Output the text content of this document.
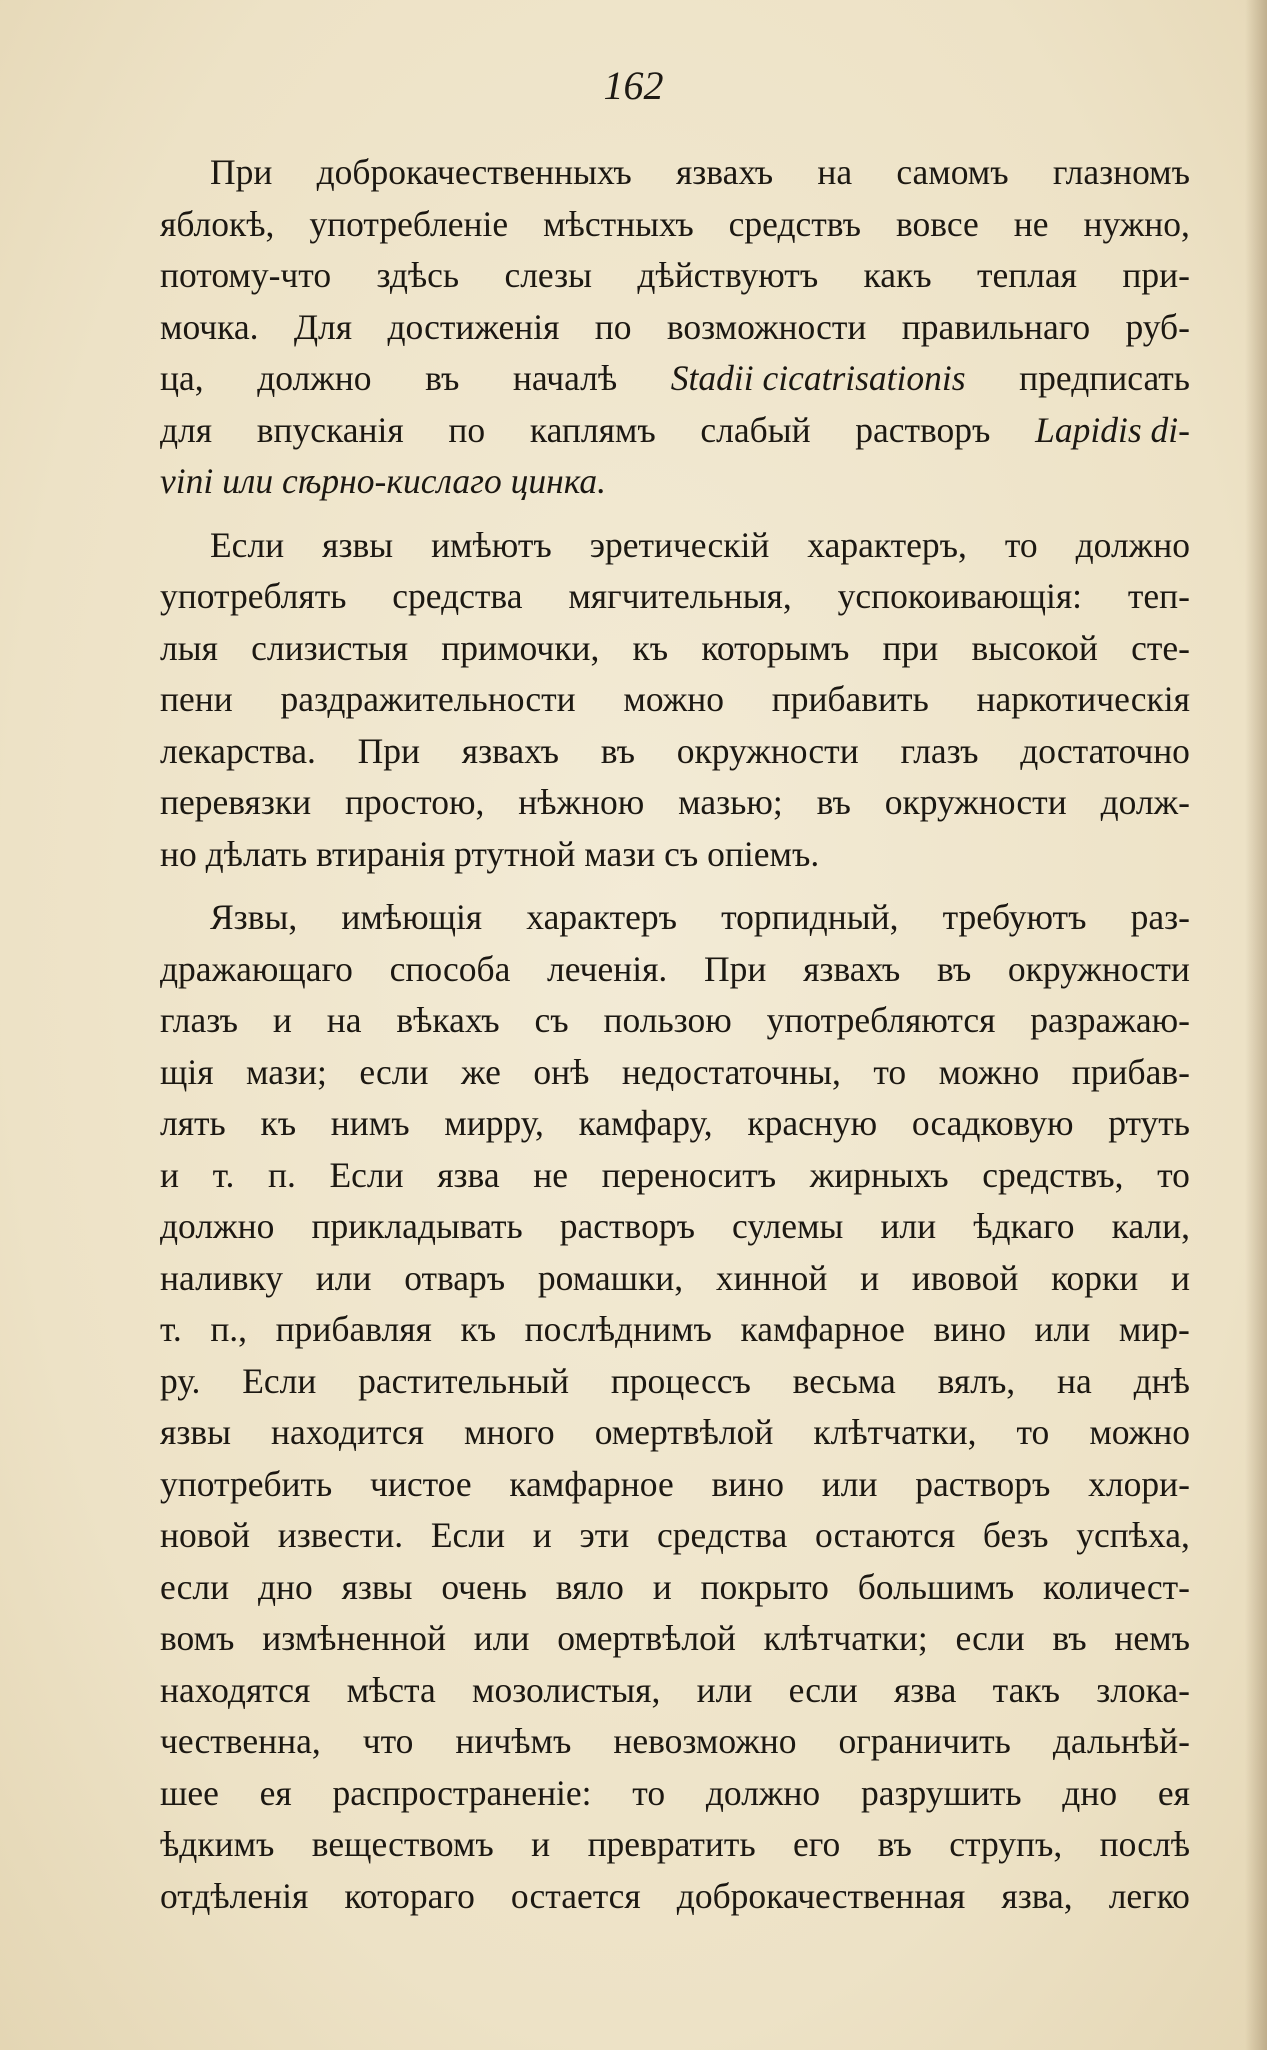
162
При доброкачественныхъ язвахъ на самомъ глазномъ
яблокѣ, употребленіе мѣстныхъ средствъ вовсе не нужно,
потому-что здѣсь слезы дѣйствуютъ какъ теплая при-
мочка. Для достиженія по возможности правильнаго руб-
ца, должно въ началѣ Stadii cicatrisationis предписать
для впусканія по каплямъ слабый растворъ Lapidis di-
vini
или
сѣрно-кислаго цинка.
Если язвы имѣютъ эретическій характеръ, то должно
употреблять средства мягчительныя, успокоивающія: теп-
лыя слизистыя примочки, къ которымъ при высокой сте-
пени раздражительности можно прибавить наркотическія
лекарства. При язвахъ въ окружности глазъ достаточно
перевязки простою, нѣжною мазью; въ окружности долж-
но
дѣлать
втиранія
ртутной
мази
съ
опіемъ.
Язвы, имѣющія характеръ торпидный, требуютъ раз-
дражающаго способа леченія. При язвахъ въ окружности
глазъ и на вѣкахъ съ пользою употребляются разражаю-
щія мази; если же онѣ недостаточны, то можно прибав-
лять къ нимъ мирру, камфару, красную осадковую ртуть
и т. п. Если язва не переноситъ жирныхъ средствъ, то
должно прикладывать растворъ сулемы или ѣдкаго кали,
наливку или отваръ ромашки, хинной и ивовой корки и
т. п., прибавляя къ послѣднимъ камфарное вино или мир-
ру. Если растительный процессъ весьма вялъ, на днѣ
язвы находится много омертвѣлой клѣтчатки, то можно
употребить чистое камфарное вино или растворъ хлори-
новой извести. Если и эти средства остаются безъ успѣха,
если дно язвы очень вяло и покрыто большимъ количест-
вомъ измѣненной или омертвѣлой клѣтчатки; если въ немъ
находятся мѣста мозолистыя, или если язва такъ злока-
чественна, что ничѣмъ невозможно ограничить дальнѣй-
шее ея распространеніе: то должно разрушить дно ея
ѣдкимъ веществомъ и превратить его въ струпъ, послѣ
отдѣленія котораго остается доброкачественная язва, легко
